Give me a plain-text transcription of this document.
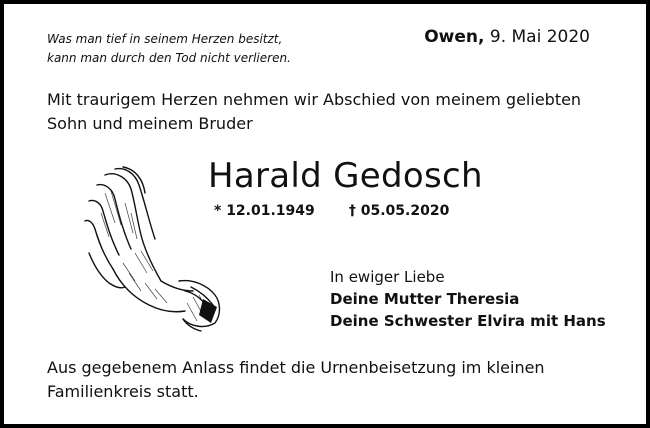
Was man tief in seinem Herzen besitzt,
kann man durch den Tod nicht verlieren.
Owen, 9. Mai 2020
Mit traurigem Herzen nehmen wir Abschied von meinem geliebten Sohn und meinem Bruder
Harald Gedosch
* 12.01.1949 † 05.05.2020
In ewiger Liebe
Deine Mutter Theresia
Deine Schwester Elvira mit Hans
Aus gegebenem Anlass findet die Urnenbeisetzung im kleinen Familienkreis statt.
